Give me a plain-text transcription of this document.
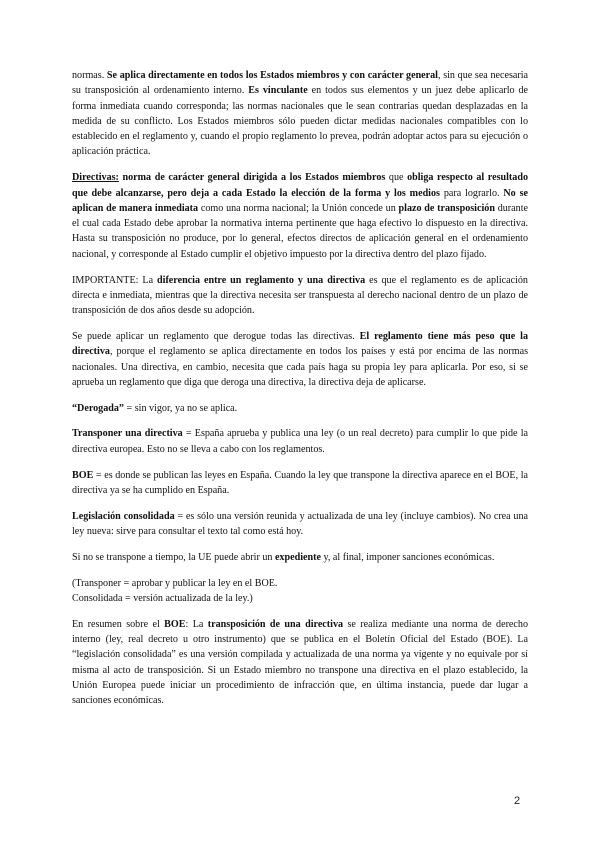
normas. Se aplica directamente en todos los Estados miembros y con carácter general, sin que sea necesaria su transposición al ordenamiento interno. Es vinculante en todos sus elementos y un juez debe aplicarlo de forma inmediata cuando corresponda; las normas nacionales que le sean contrarias quedan desplazadas en la medida de su conflicto. Los Estados miembros sólo pueden dictar medidas nacionales compatibles con lo establecido en el reglamento y, cuando el propio reglamento lo prevea, podrán adoptar actos para su ejecución o aplicación práctica.

Directivas: norma de carácter general dirigida a los Estados miembros que obliga respecto al resultado que debe alcanzarse, pero deja a cada Estado la elección de la forma y los medios para lograrlo. No se aplican de manera inmediata como una norma nacional; la Unión concede un plazo de transposición durante el cual cada Estado debe aprobar la normativa interna pertinente que haga efectivo lo dispuesto en la directiva. Hasta su transposición no produce, por lo general, efectos directos de aplicación general en el ordenamiento nacional, y corresponde al Estado cumplir el objetivo impuesto por la directiva dentro del plazo fijado.

IMPORTANTE: La diferencia entre un reglamento y una directiva es que el reglamento es de aplicación directa e inmediata, mientras que la directiva necesita ser transpuesta al derecho nacional dentro de un plazo de transposición de dos años desde su adopción.

Se puede aplicar un reglamento que derogue todas las directivas. El reglamento tiene más peso que la directiva, porque el reglamento se aplica directamente en todos los países y está por encima de las normas nacionales. Una directiva, en cambio, necesita que cada país haga su propia ley para aplicarla. Por eso, si se aprueba un reglamento que diga que deroga una directiva, la directiva deja de aplicarse.

“Derogada” = sin vigor, ya no se aplica.

Transponer una directiva = España aprueba y publica una ley (o un real decreto) para cumplir lo que pide la directiva europea. Esto no se lleva a cabo con los reglamentos.

BOE = es donde se publican las leyes en España. Cuando la ley que transpone la directiva aparece en el BOE, la directiva ya se ha cumplido en España.

Legislación consolidada = es sólo una versión reunida y actualizada de una ley (incluye cambios). No crea una ley nueva: sirve para consultar el texto tal como está hoy.

Si no se transpone a tiempo, la UE puede abrir un expediente y, al final, imponer sanciones económicas.

(Transponer = aprobar y publicar la ley en el BOE.
Consolidada = versión actualizada de la ley.)

En resumen sobre el BOE: La transposición de una directiva se realiza mediante una norma de derecho interno (ley, real decreto u otro instrumento) que se publica en el Boletín Oficial del Estado (BOE). La “legislación consolidada” es una versión compilada y actualizada de una norma ya vigente y no equivale por sí misma al acto de transposición. Si un Estado miembro no transpone una directiva en el plazo establecido, la Unión Europea puede iniciar un procedimiento de infracción que, en última instancia, puede dar lugar a sanciones económicas.

2
